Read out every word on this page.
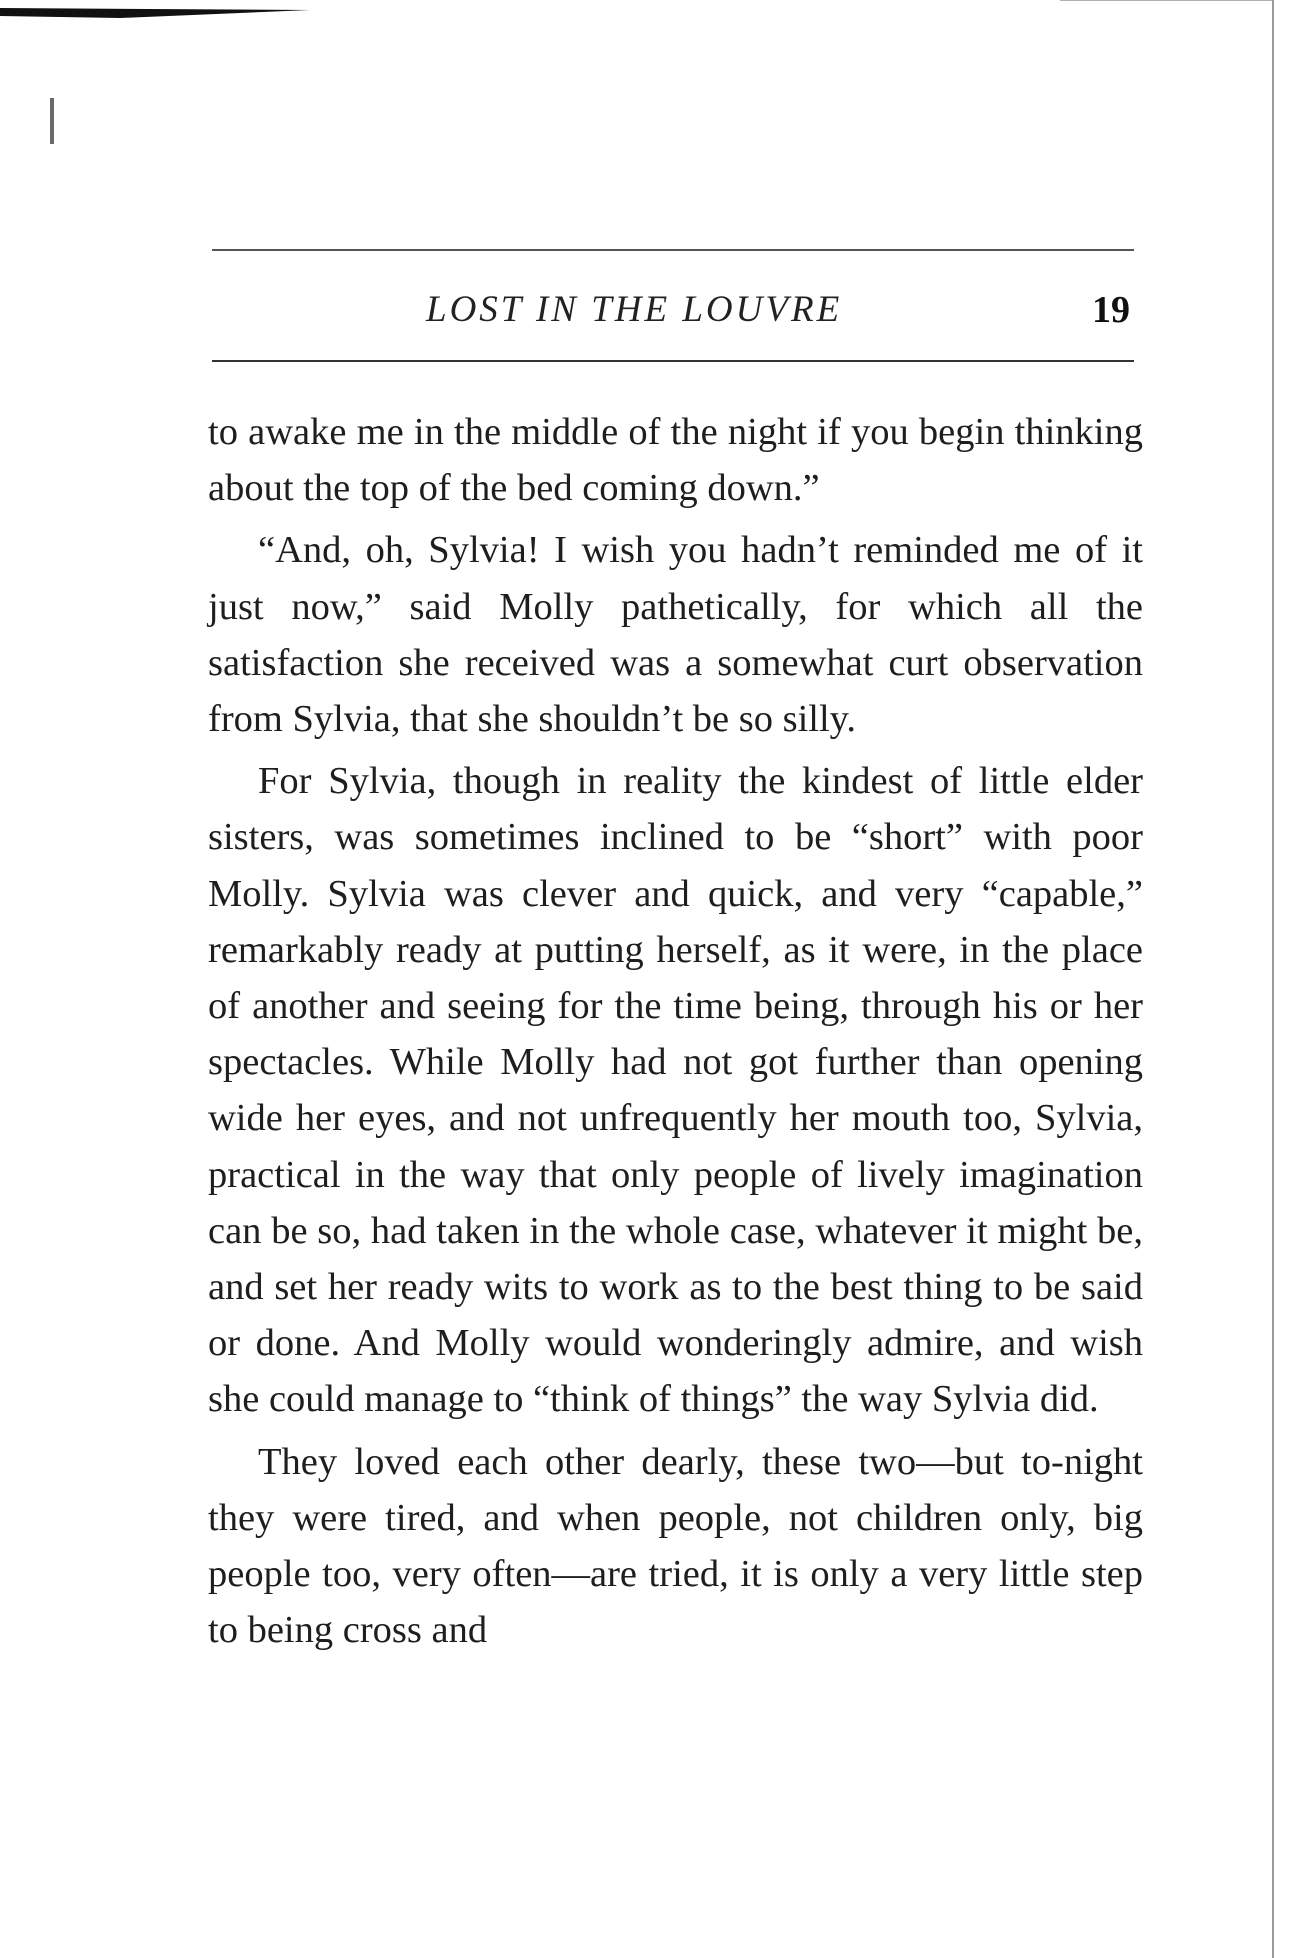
LOST IN THE LOUVRE	19

to awake me in the middle of the night if you begin thinking about the top of the bed coming down.”

“And, oh, Sylvia! I wish you hadn’t reminded me of it just now,” said Molly pathetically, for which all the satisfaction she received was a somewhat curt observation from Sylvia, that she shouldn’t be so silly.

For Sylvia, though in reality the kindest of little elder sisters, was sometimes inclined to be “short” with poor Molly. Sylvia was clever and quick, and very “capable,” remarkably ready at putting herself, as it were, in the place of another and seeing for the time being, through his or her spectacles. While Molly had not got further than opening wide her eyes, and not unfrequently her mouth too, Sylvia, practical in the way that only people of lively imagination can be so, had taken in the whole case, whatever it might be, and set her ready wits to work as to the best thing to be said or done. And Molly would wonderingly admire, and wish she could manage to “think of things” the way Sylvia did.

They loved each other dearly, these two—but to-night they were tired, and when people, not children only, big people too, very often—are tried, it is only a very little step to being cross and
